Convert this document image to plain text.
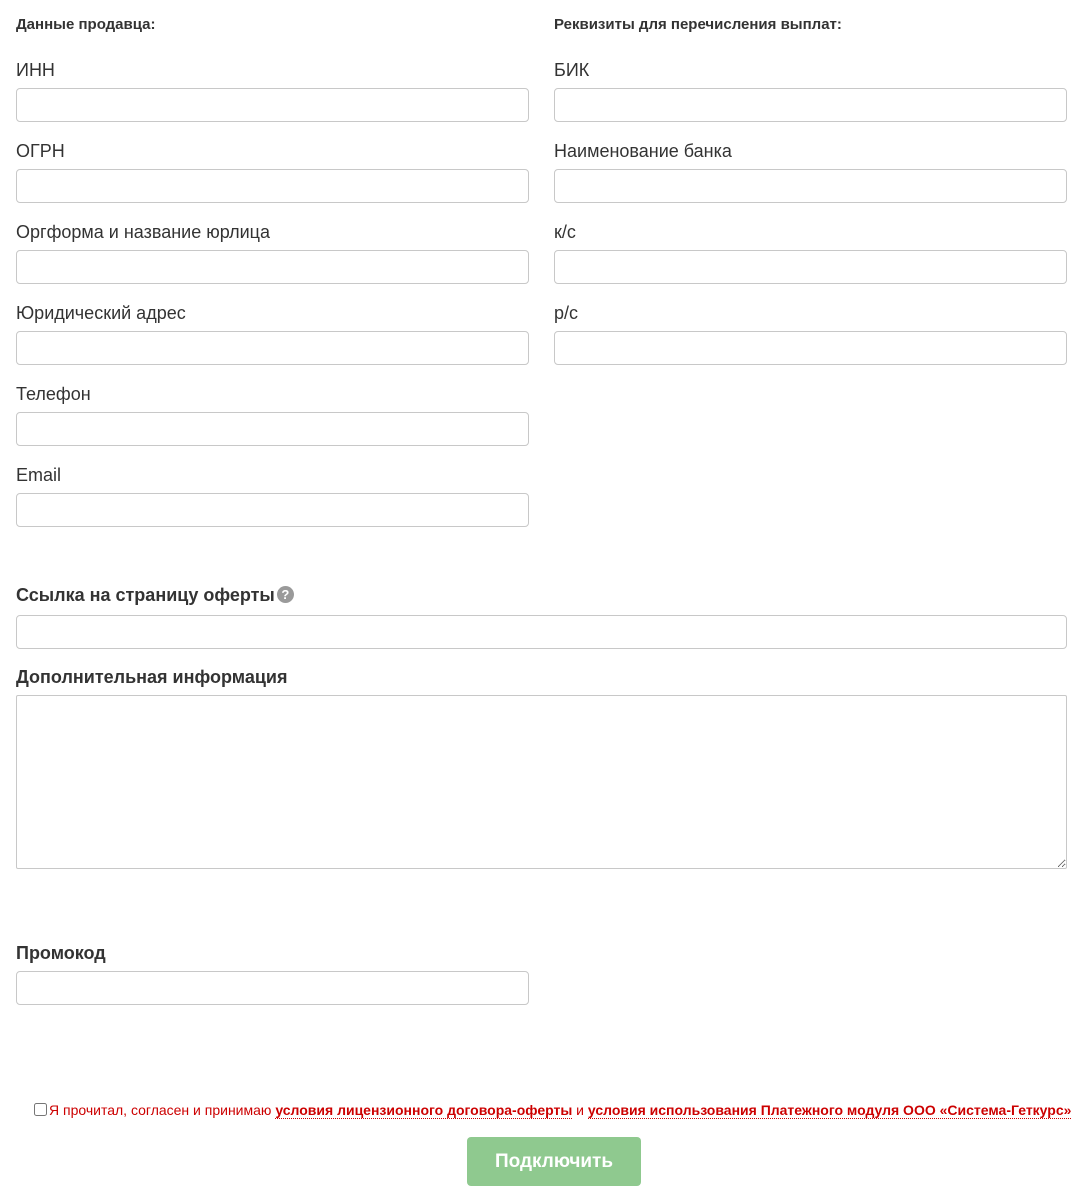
Данные продавца:
ИНН
ОГРН
Оргформа и название юрлица
Юридический адрес
Телефон
Email
Реквизиты для перечисления выплат:
БИК
Наименование банка
к/с
р/с
Ссылка на страницу оферты ?
Дополнительная информация
Промокод
Я прочитал, согласен и принимаю условия лицензионного договора-оферты и условия использования Платежного модуля ООО «Система-Геткурс»
Подключить
